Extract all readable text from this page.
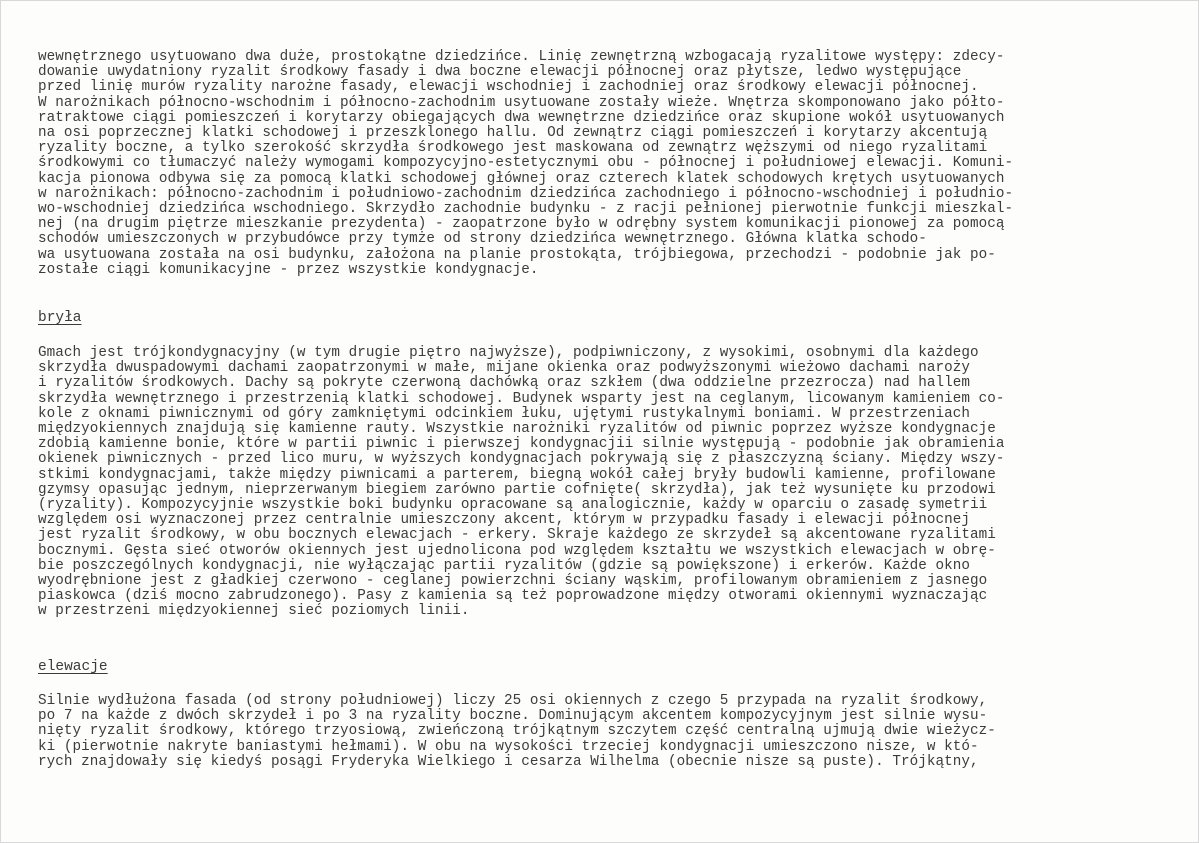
wewnętrznego usytuowano dwa duże, prostokątne dziedzińce. Linię zewnętrzną wzbogacają ryzalitowe występy: zdecy-
dowanie uwydatniony ryzalit środkowy fasady i dwa boczne elewacji północnej oraz płytsze, ledwo występujące
przed linię murów ryzality narożne fasady, elewacji wschodniej i zachodniej oraz środkowy elewacji północnej.
W narożnikach północno-wschodnim i północno-zachodnim usytuowane zostały wieże. Wnętrza skomponowano jako półto-
ratraktowe ciągi pomieszczeń i korytarzy obiegających dwa wewnętrzne dziedzińce oraz skupione wokół usytuowanych
na osi poprzecznej klatki schodowej i przeszklonego hallu. Od zewnątrz ciągi pomieszczeń i korytarzy akcentują
ryzality boczne, a tylko szerokość skrzydła środkowego jest maskowana od zewnątrz węższymi od niego ryzalitami
środkowymi co tłumaczyć należy wymogami kompozycyjno-estetycznymi obu - północnej i południowej elewacji. Komuni-
kacja pionowa odbywa się za pomocą klatki schodowej głównej oraz czterech klatek schodowych krętych usytuowanych
w narożnikach: północno-zachodnim i południowo-zachodnim dziedzińca zachodniego i północno-wschodniej i południo-
wo-wschodniej dziedzińca wschodniego. Skrzydło zachodnie budynku - z racji pełnionej pierwotnie funkcji mieszkal-
nej (na drugim piętrze mieszkanie prezydenta) - zaopatrzone było w odrębny system komunikacji pionowej za pomocą
schodów umieszczonych w przybudówce przy tymże od strony dziedzińca wewnętrznego. Główna klatka schodo-
wa usytuowana została na osi budynku, założona na planie prostokąta, trójbiegowa, przechodzi - podobnie jak po-
zostałe ciągi komunikacyjne - przez wszystkie kondygnacje.
bryła
Gmach jest trójkondygnacyjny (w tym drugie piętro najwyższe), podpiwniczony, z wysokimi, osobnymi dla każdego
skrzydła dwuspadowymi dachami zaopatrzonymi w małe, mijane okienka oraz podwyższonymi wieżowo dachami naroży
i ryzalitów środkowych. Dachy są pokryte czerwoną dachówką oraz szkłem (dwa oddzielne przezrocza) nad hallem
skrzydła wewnętrznego i przestrzenią klatki schodowej. Budynek wsparty jest na ceglanym, licowanym kamieniem co-
kole z oknami piwnicznymi od góry zamkniętymi odcinkiem łuku, ujętymi rustykalnymi boniami. W przestrzeniach
międzyokiennych znajdują się kamienne rauty. Wszystkie narożniki ryzalitów od piwnic poprzez wyższe kondygnacje
zdobią kamienne bonie, które w partii piwnic i pierwszej kondygnacjii silnie występują - podobnie jak obramienia
okienek piwnicznych - przed lico muru, w wyższych kondygnacjach pokrywają się z płaszczyzną ściany. Między wszy-
stkimi kondygnacjami, także między piwnicami a parterem, biegną wokół całej bryły budowli kamienne, profilowane
gzymsy opasując jednym, nieprzerwanym biegiem zarówno partie cofnięte( skrzydła), jak też wysunięte ku przodowi
(ryzality). Kompozycyjnie wszystkie boki budynku opracowane są analogicznie, każdy w oparciu o zasadę symetrii
względem osi wyznaczonej przez centralnie umieszczony akcent, którym w przypadku fasady i elewacji północnej
jest ryzalit środkowy, w obu bocznych elewacjach - erkery. Skraje każdego ze skrzydeł są akcentowane ryzalitami
bocznymi. Gęsta sieć otworów okiennych jest ujednolicona pod względem kształtu we wszystkich elewacjach w obrę-
bie poszczególnych kondygnacji, nie wyłączając partii ryzalitów (gdzie są powiększone) i erkerów. Każde okno
wyodrębnione jest z gładkiej czerwono - ceglanej powierzchni ściany wąskim, profilowanym obramieniem z jasnego
piaskowca (dziś mocno zabrudzonego). Pasy z kamienia są też poprowadzone między otworami okiennymi wyznaczając
w przestrzeni międzyokiennej sieć poziomych linii.
elewacje
Silnie wydłużona fasada (od strony południowej) liczy 25 osi okiennych z czego 5 przypada na ryzalit środkowy,
po 7 na każde z dwóch skrzydeł i po 3 na ryzality boczne. Dominującym akcentem kompozycyjnym jest silnie wysu-
nięty ryzalit środkowy, którego trzyosiową, zwieńczoną trójkątnym szczytem część centralną ujmują dwie wieżycz-
ki (pierwotnie nakryte baniastymi hełmami). W obu na wysokości trzeciej kondygnacji umieszczono nisze, w któ-
rych znajdowały się kiedyś posągi Fryderyka Wielkiego i cesarza Wilhelma (obecnie nisze są puste). Trójkątny,
